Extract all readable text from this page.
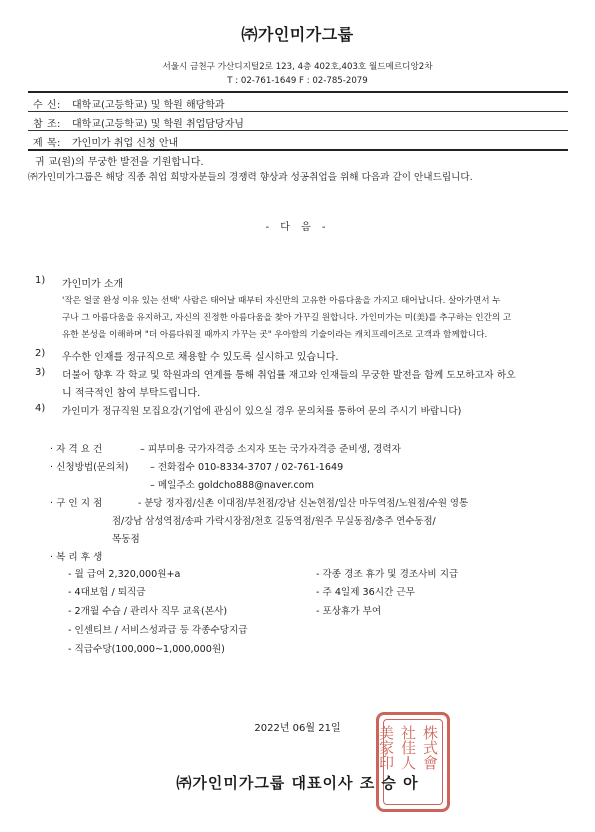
㈜가인미가그룹
서울시 금천구 가산디지털2로 123, 4층 402호,403호 월드메르디앙2차
T : 02-761-1649 F : 02-785-2079
수 신: 대학교(고등학교) 및 학원 해당학과
참 조: 대학교(고등학교) 및 학원 취업담당자님
제 목: 가인미가 취업 신청 안내
귀 교(원)의 무궁한 발전을 기원합니다.
㈜가인미가그룹은 해당 직종 취업 희망자분들의 경쟁력 향상과 성공취업을 위해 다음과 같이 안내드립니다.
- 다 음 -
1) 가인미가 소개
'작은 얼굴 완성 이유 있는 선택' 사람은 태어날 때부터 자신만의 고유한 아름다움을 가지고 태어납니다. 살아가면서 누
구나 그 아름다움을 유지하고, 자신의 진정한 아름다움을 찾아 가꾸길 원합니다. 가인미가는 미(美)를 추구하는 인간의 고
유한 본성을 이해하며 "더 아름다워질 때까지 가꾸는 곳" 우아함의 기술이라는 캐치프레이즈로 고객과 함께합니다.
2) 우수한 인재를 정규직으로 채용할 수 있도록 실시하고 있습니다.
3) 더불어 향후 각 학교 및 학원과의 연계를 통해 취업률 재고와 인재들의 무궁한 발전을 함께 도모하고자 하오
니 적극적인 참여 부탁드립니다.
4) 가인미가 정규직원 모집요강(기업에 관심이 있으실 경우 문의처를 통하여 문의 주시기 바랍니다)
· 자 격 요 건	– 피부미용 국가자격증 소지자 또는 국가자격증 준비생, 경력자
· 신청방법(문의처) – 전화접수 010-8334-3707 / 02-761-1649
– 메일주소 goldcho888@naver.com
· 구 인 지 점	- 분당 정자점/신촌 이대점/부천점/강남 신논현점/일산 마두역점/노원점/수원 영통
점/강남 삼성역점/송파 가락시장점/천호 길동역점/원주 무실동점/충주 연수동점/
목동점
· 복 리 후 생
- 월 급여 2,320,000원+a
- 4대보험 / 퇴직금
- 2개월 수습 / 관리사 직무 교육(본사)
- 인센티브 / 서비스성과급 등 각종수당지급
- 직급수당(100,000~1,000,000원)
- 각종 경조 휴가 및 경조사비 지급
- 주 4일제 36시간 근무
- 포상휴가 부여
2022년 06월 21일	株式會
社佳人
美家印
㈜가인미가그룹 대표이사 조 승 아
